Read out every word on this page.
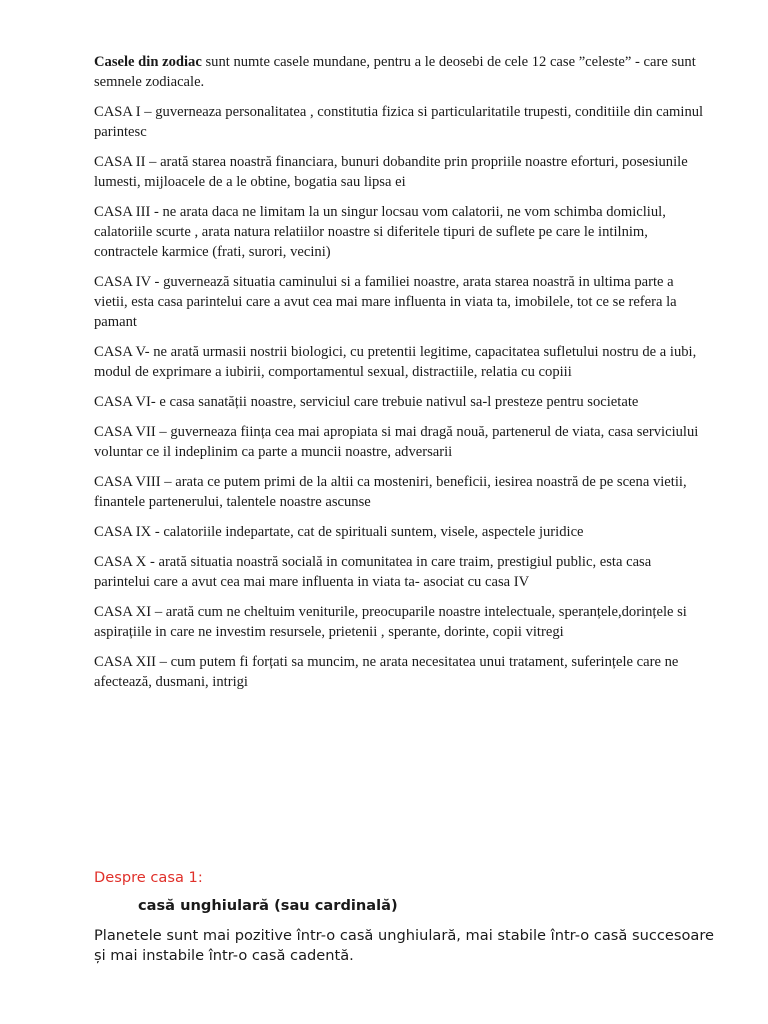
Casele din zodiac sunt numte casele mundane, pentru a le deosebi de cele 12 case ”celeste” - care sunt semnele zodiacale.

CASA I – guverneaza personalitatea , constitutia fizica si particularitatile trupesti, conditiile din caminul parintesc

CASA II – arată starea noastră financiara, bunuri dobandite prin propriile noastre eforturi, posesiunile lumesti, mijloacele de a le obtine, bogatia sau lipsa ei

CASA III - ne arata daca ne limitam la un singur locsau vom calatorii, ne vom schimba domicliul, calatoriile scurte , arata natura relatiilor noastre si diferitele tipuri de suflete pe care le intilnim, contractele karmice (frati, surori, vecini)

CASA IV - guvernează situatia caminului si a familiei noastre, arata starea noastră in ultima parte a vietii, esta casa parintelui care a avut cea mai mare influenta in viata ta, imobilele, tot ce se refera la pamant

CASA V- ne arată urmasii nostrii biologici, cu pretentii legitime, capacitatea sufletului nostru de a iubi, modul de exprimare a iubirii, comportamentul sexual, distractiile, relatia cu copiii

CASA VI- e casa sanatății noastre, serviciul care trebuie nativul sa-l presteze pentru societate

CASA VII – guverneaza ființa cea mai apropiata si mai dragă nouă, partenerul de viata, casa serviciului voluntar ce il indeplinim ca parte a muncii noastre, adversarii

CASA VIII – arata ce putem primi de la altii ca mosteniri, beneficii, iesirea noastră de pe scena vietii, finantele partenerului, talentele noastre ascunse

CASA IX - calatoriile indepartate, cat de spirituali suntem, visele, aspectele juridice

CASA X - arată situatia noastră socială in comunitatea in care traim, prestigiul public, esta casa parintelui care a avut cea mai mare influenta in viata ta- asociat cu casa IV

CASA XI – arată cum ne cheltuim veniturile, preocuparile noastre intelectuale, speranțele,dorințele si aspirațiile in care ne investim resursele, prietenii , sperante, dorinte, copii vitregi

CASA XII – cum putem fi forțati sa muncim, ne arata necesitatea unui tratament, suferințele care ne afectează, dusmani, intrigi

Despre casa 1:

casă unghiulară (sau cardinală)

Planetele sunt mai pozitive într-o casă unghiulară, mai stabile într-o casă succesoare și mai instabile într-o casă cadentă.
